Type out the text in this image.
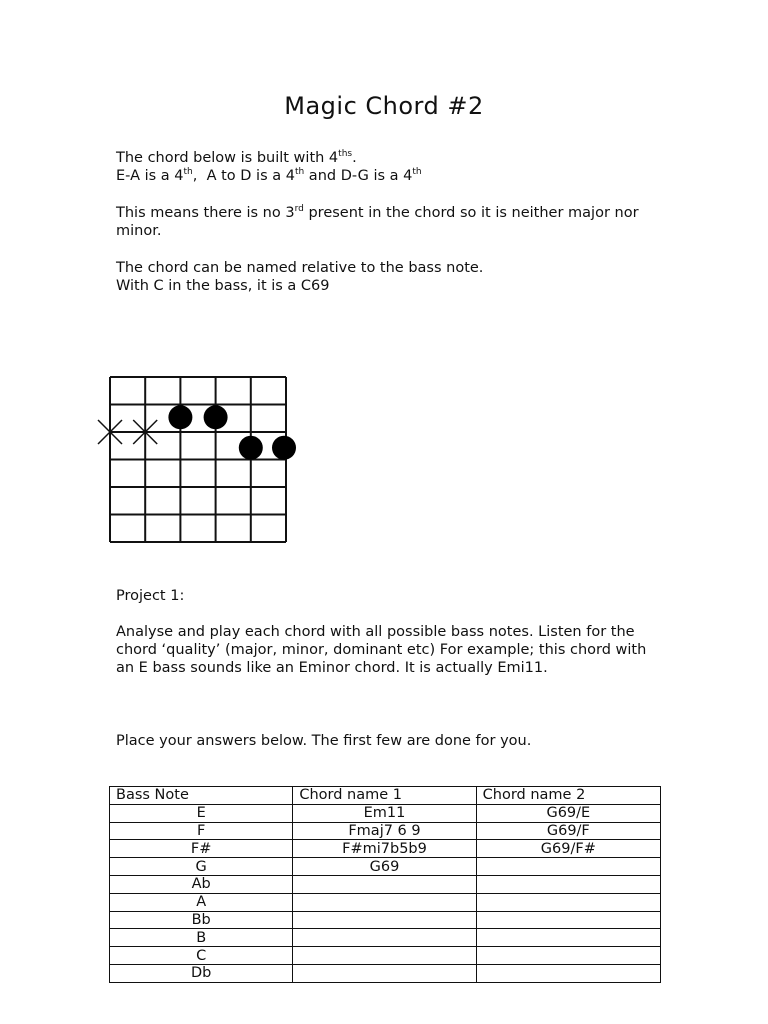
Magic Chord #2

The chord below is built with $4^{ths}$.

E-A is a 4th,  A to D is a 4th and D-G is a 4th

This means there is no 3rd present in the chord so it is neither major nor minor.

The chord can be named relative to the bass note.

With C in the bass, it is a C69

Project 1:
Analyse and play each chord with all possible bass notes. Listen for the chord ‘quality’ (major, minor, dominant etc) For example; this chord with an E bass sounds like an Eminor chord. It is actually Emi11.
Place your answers below. The first few are done for you.
Bass Note	Chord name 1	Chord name 2
E	Em11	G69/E
F	Fmaj7 6 9	G69/F
F#	F#mi7b5b9	G69/F#
G	G69	
Ab		
A		
Bb		
B		
C		
Db		
